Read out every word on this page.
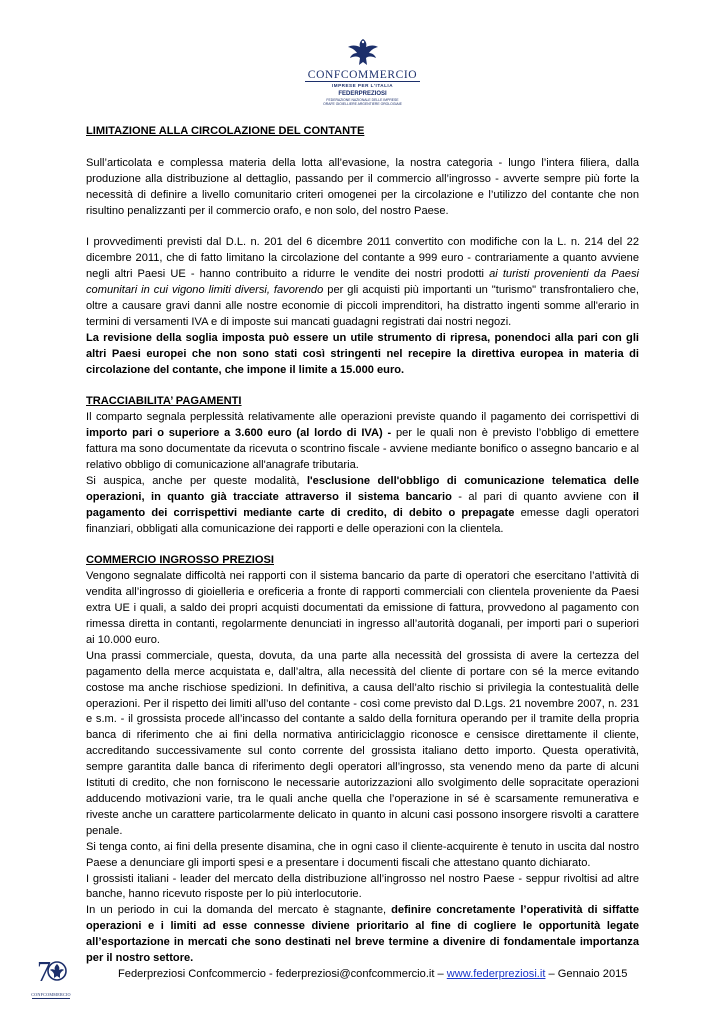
CONFCOMMERCIO
IMPRESE PER L'ITALIA
FEDERPREZIOSI
FEDERAZIONE NAZIONALE DELLE IMPRESE
ORAFE GIOIELLIERE ARGENTIERE OROLOGIAIE

LIMITAZIONE ALLA CIRCOLAZIONE DEL CONTANTE

Sull’articolata e complessa materia della lotta all’evasione, la nostra categoria - lungo l’intera filiera, dalla produzione alla distribuzione al dettaglio, passando per il commercio all’ingrosso - avverte sempre più forte la necessità di definire a livello comunitario criteri omogenei per la circolazione e l’utilizzo del contante che non risultino penalizzanti per il commercio orafo, e non solo, del nostro Paese.

I provvedimenti previsti dal D.L. n. 201 del 6 dicembre 2011 convertito con modifiche con la L. n. 214 del 22 dicembre 2011, che di fatto limitano la circolazione del contante a 999 euro - contrariamente a quanto avviene negli altri Paesi UE - hanno contribuito a ridurre le vendite dei nostri prodotti ai turisti provenienti da Paesi comunitari in cui vigono limiti diversi, favorendo per gli acquisti più importanti un "turismo" transfrontaliero che, oltre a causare gravi danni alle nostre economie di piccoli imprenditori, ha distratto ingenti somme all'erario in termini di versamenti IVA e di imposte sui mancati guadagni registrati dai nostri negozi.

La revisione della soglia imposta può essere un utile strumento di ripresa, ponendoci alla pari con gli altri Paesi europei che non sono stati così stringenti nel recepire la direttiva europea in materia di circolazione del contante, che impone il limite a 15.000 euro.

TRACCIABILITA’ PAGAMENTI

Il comparto segnala perplessità relativamente alle operazioni previste quando il pagamento dei corrispettivi di importo pari o superiore a 3.600 euro (al lordo di IVA) - per le quali non è previsto l’obbligo di emettere fattura ma sono documentate da ricevuta o scontrino fiscale - avviene mediante bonifico o assegno bancario e al relativo obbligo di comunicazione all'anagrafe tributaria.

Si auspica, anche per queste modalità, l'esclusione dell'obbligo di comunicazione telematica delle operazioni, in quanto già tracciate attraverso il sistema bancario - al pari di quanto avviene con il pagamento dei corrispettivi mediante carte di credito, di debito o prepagate emesse dagli operatori finanziari, obbligati alla comunicazione dei rapporti e delle operazioni con la clientela.

COMMERCIO INGROSSO PREZIOSI

Vengono segnalate difficoltà nei rapporti con il sistema bancario da parte di operatori che esercitano l’attività di vendita all’ingrosso di gioielleria e oreficeria a fronte di rapporti commerciali con clientela proveniente da Paesi extra UE i quali, a saldo dei propri acquisti documentati da emissione di fattura, provvedono al pagamento con rimessa diretta in contanti, regolarmente denunciati in ingresso all’autorità doganali, per importi pari o superiori ai 10.000 euro.

Una prassi commerciale, questa, dovuta, da una parte alla necessità del grossista di avere la certezza del pagamento della merce acquistata e, dall’altra, alla necessità del cliente di portare con sé la merce evitando costose ma anche rischiose spedizioni. In definitiva, a causa dell’alto rischio si privilegia la contestualità delle operazioni. Per il rispetto dei limiti all’uso del contante - così come previsto dal D.Lgs. 21 novembre 2007, n. 231 e s.m. - il grossista procede all’incasso del contante a saldo della fornitura operando per il tramite della propria banca di riferimento che ai fini della normativa antiriciclaggio riconosce e censisce direttamente il cliente, accreditando successivamente sul conto corrente del grossista italiano detto importo. Questa operatività, sempre garantita dalle banca di riferimento degli operatori all’ingrosso, sta venendo meno da parte di alcuni Istituti di credito, che non forniscono le necessarie autorizzazioni allo svolgimento delle sopracitate operazioni adducendo motivazioni varie, tra le quali anche quella che l’operazione in sé è scarsamente remunerativa e riveste anche un carattere particolarmente delicato in quanto in alcuni casi possono insorgere risvolti a carattere penale.

Si tenga conto, ai fini della presente disamina, che in ogni caso il cliente-acquirente è tenuto in uscita dal nostro Paese a denunciare gli importi spesi e a presentare i documenti fiscali che attestano quanto dichiarato.

I grossisti italiani - leader del mercato della distribuzione all’ingrosso nel nostro Paese - seppur rivoltisi ad altre banche, hanno ricevuto risposte per lo più interlocutorie.

In un periodo in cui la domanda del mercato è stagnante, definire concretamente l’operatività di siffatte operazioni e i limiti ad esse connesse diviene prioritario al fine di cogliere le opportunità legate all’esportazione in mercati che sono destinati nel breve termine a divenire di fondamentale importanza per il nostro settore.

7
CONFCOMMERCIO
Federpreziosi Confcommercio - federpreziosi@confcommercio.it – www.federpreziosi.it – Gennaio 2015
